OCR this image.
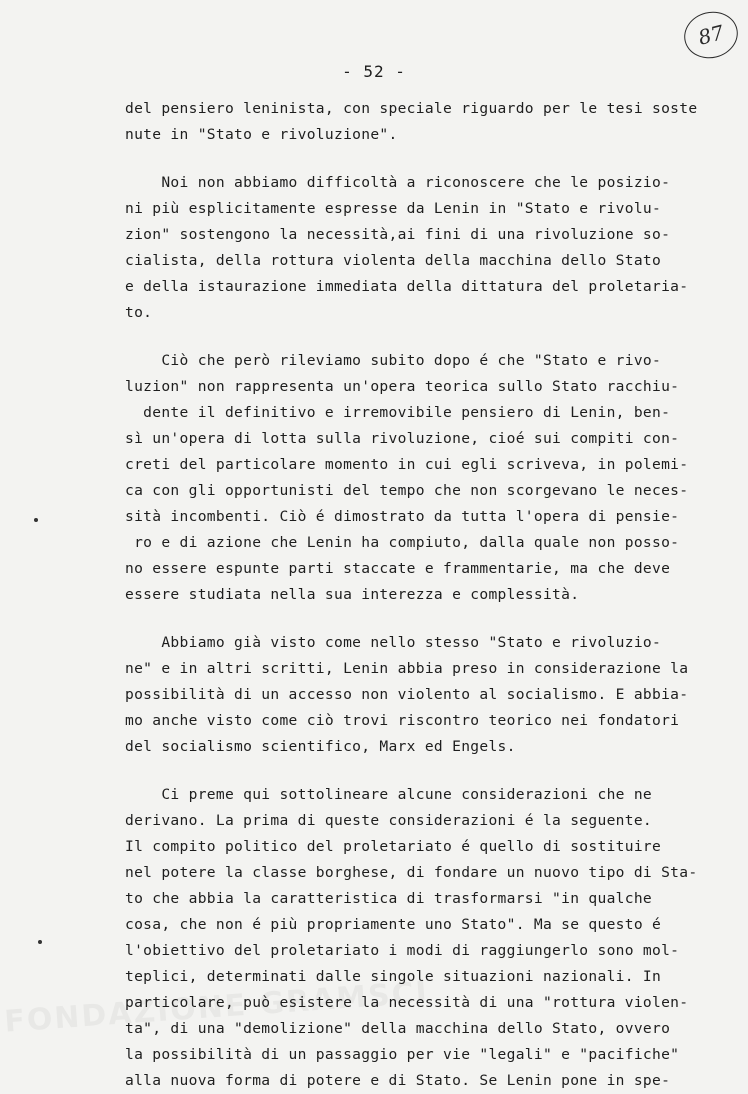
87
- 52 -
del pensiero leninista, con speciale riguardo per le tesi soste
nute in "Stato e rivoluzione".
Noi non abbiamo difficoltà a riconoscere che le posizio-
ni più esplicitamente espresse da Lenin in "Stato e rivolu-
zion" sostengono la necessità,ai fini di una rivoluzione so-
cialista, della rottura violenta della macchina dello Stato
e della istaurazione immediata della dittatura del proletaria-
to.
Ciò che però rileviamo subito dopo é che "Stato e rivo-
luzion" non rappresenta un'opera teorica sullo Stato racchiu-
dente il definitivo e irremovibile pensiero di Lenin, ben-
sì un'opera di lotta sulla rivoluzione, cioé sui compiti con-
creti del particolare momento in cui egli scriveva, in polemi-
ca con gli opportunisti del tempo che non scorgevano le neces-
sità incombenti. Ciò é dimostrato da tutta l'opera di pensie-
ro e di azione che Lenin ha compiuto, dalla quale non posso-
no essere espunte parti staccate e frammentarie, ma che deve
essere studiata nella sua interezza e complessità.
Abbiamo già visto come nello stesso "Stato e rivoluzio-
ne" e in altri scritti, Lenin abbia preso in considerazione la
possibilità di un accesso non violento al socialismo. E abbia-
mo anche visto come ciò trovi riscontro teorico nei fondatori
del socialismo scientifico, Marx ed Engels.
Ci preme qui sottolineare alcune considerazioni che ne
derivano. La prima di queste considerazioni é la seguente.
Il compito politico del proletariato é quello di sostituire
nel potere la classe borghese, di fondare un nuovo tipo di Sta-
to che abbia la caratteristica di trasformarsi "in qualche
cosa, che non é più propriamente uno Stato". Ma se questo é
l'obiettivo del proletariato i modi di raggiungerlo sono mol-
teplici, determinati dalle singole situazioni nazionali. In
particolare, può esistere la necessità di una "rottura violen-
ta", di una "demolizione" della macchina dello Stato, ovvero
la possibilità di un passaggio per vie "legali" e "pacifiche"
alla nuova forma di potere e di Stato. Se Lenin pone in spe-
